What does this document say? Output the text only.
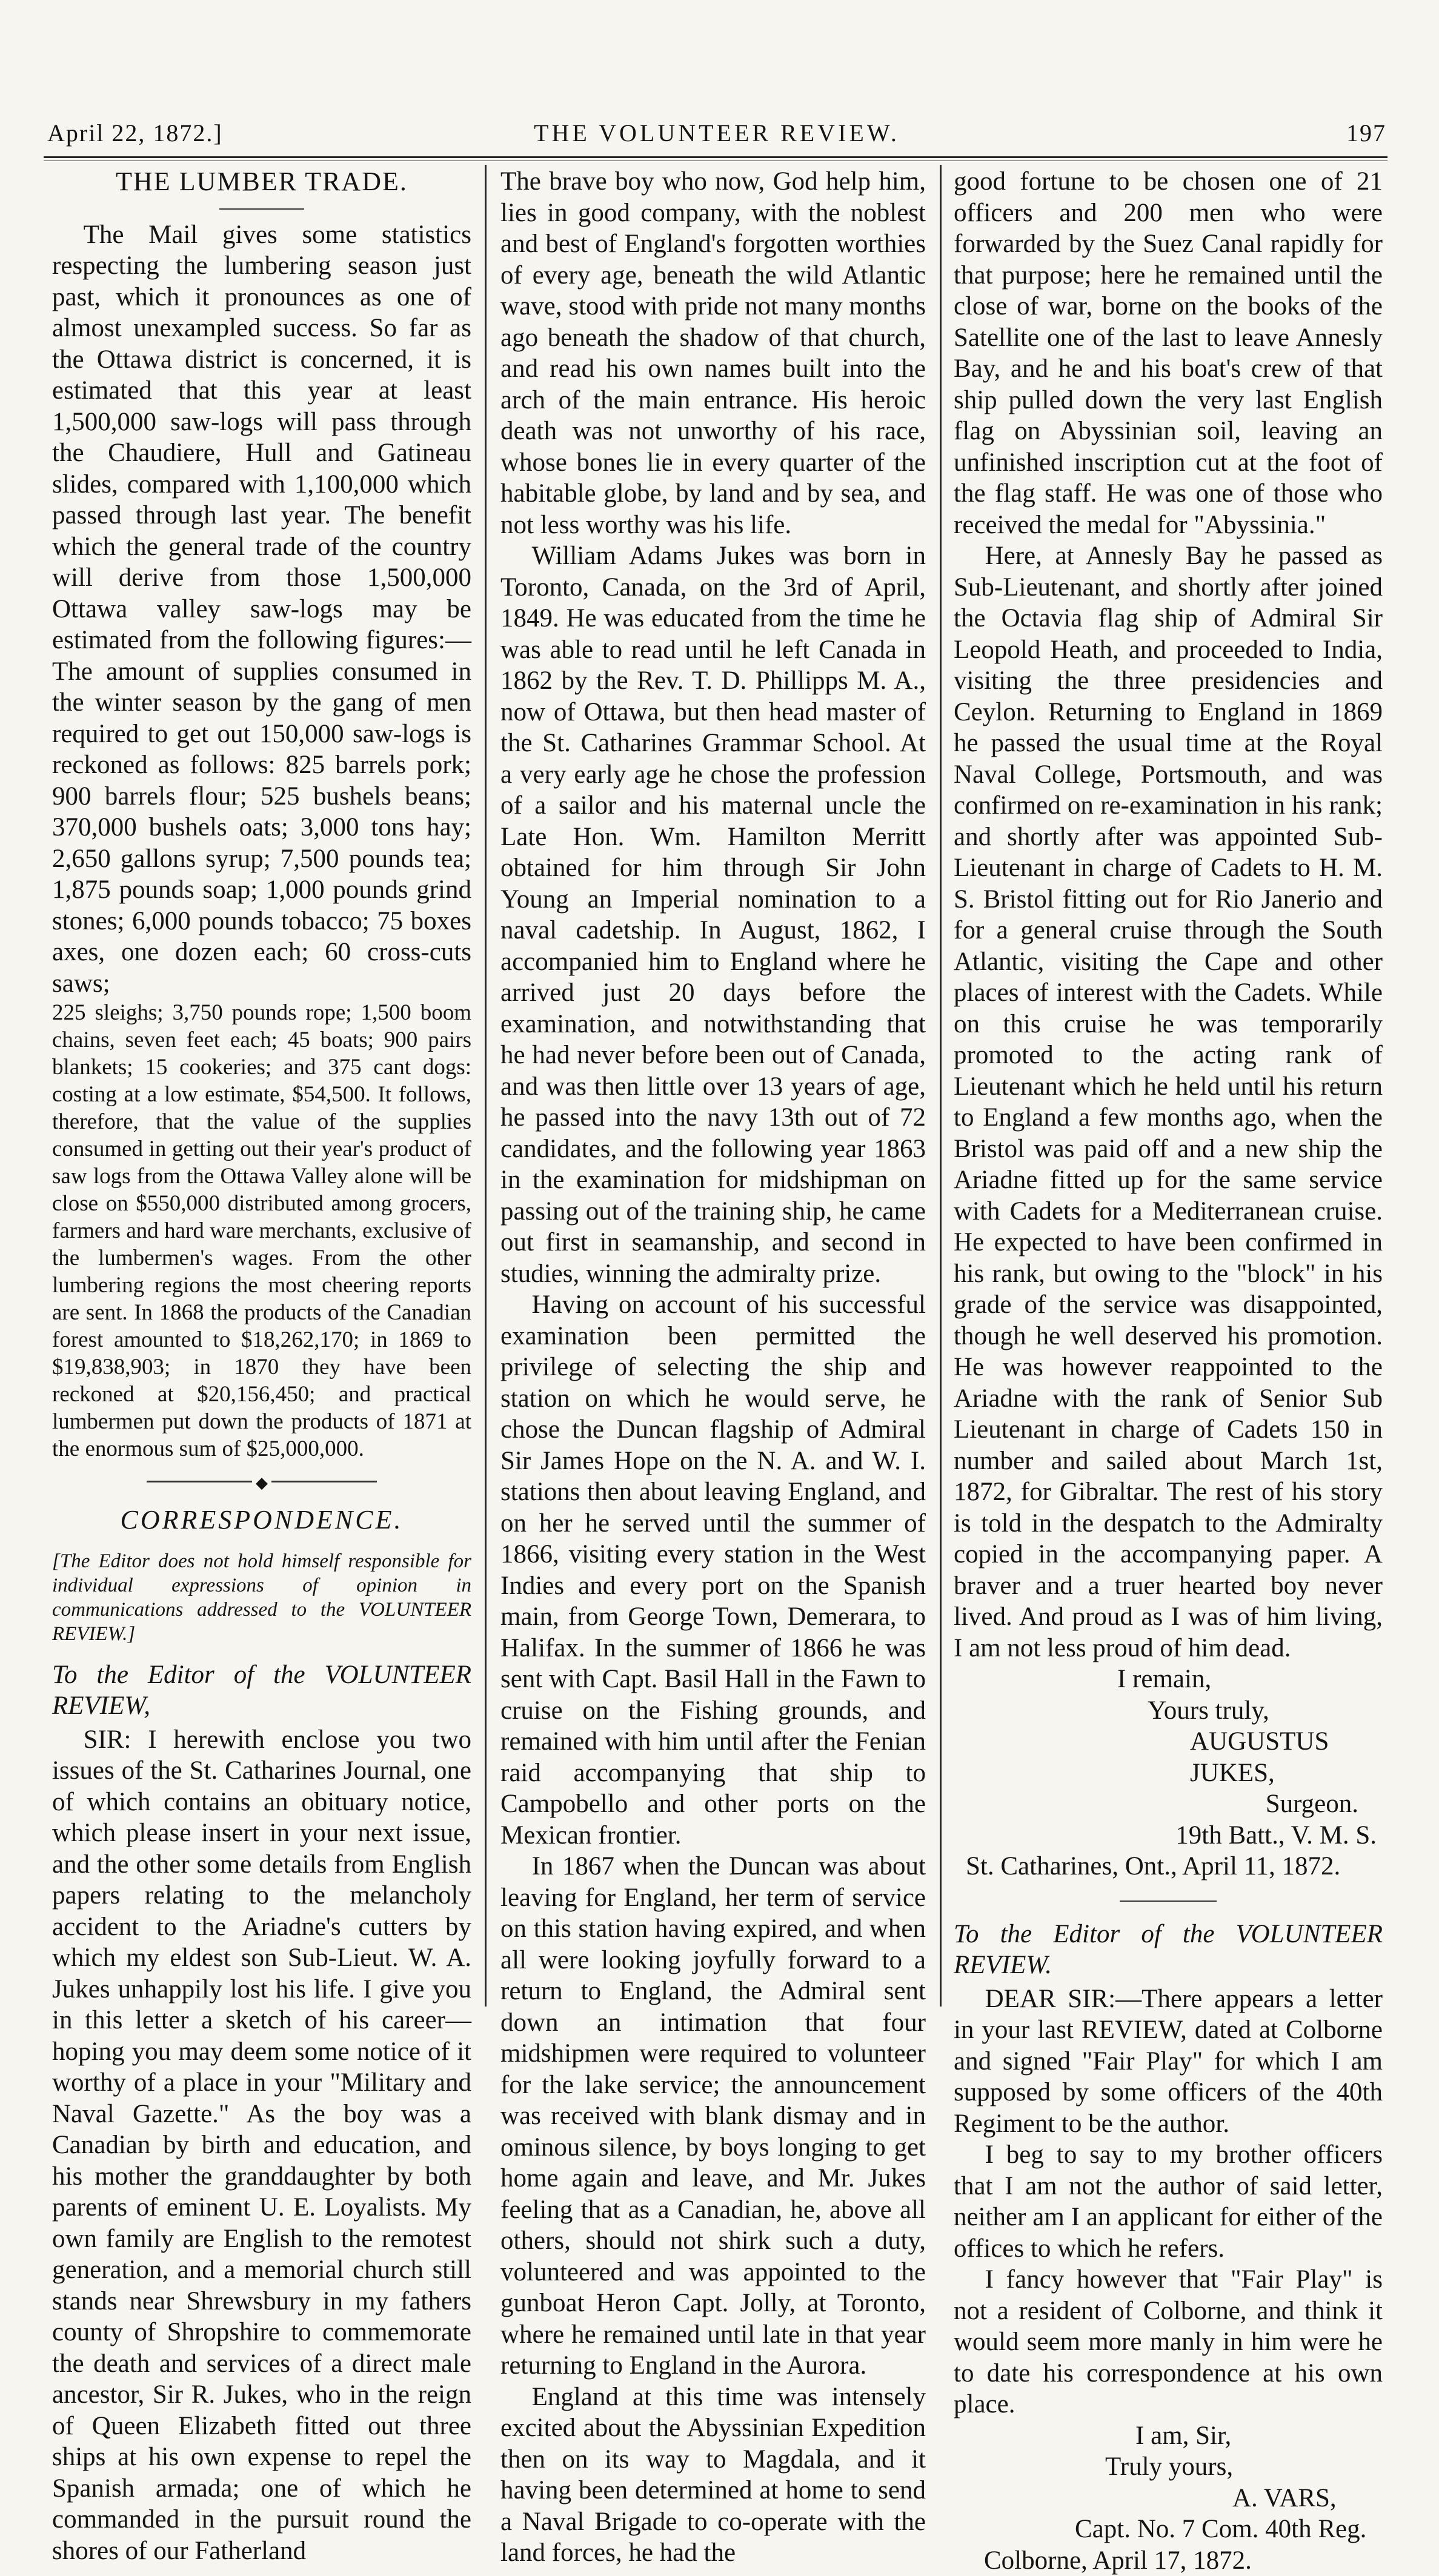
April 22, 1872.]	THE VOLUNTEER REVIEW.	197

THE LUMBER TRADE.

The Mail gives some statistics respecting the lumbering season just past, which it pronounces as one of almost unexampled success. So far as the Ottawa district is concerned, it is estimated that this year at least 1,500,000 saw-logs will pass through the Chaudiere, Hull and Gatineau slides, compared with 1,100,000 which passed through last year. The benefit which the general trade of the country will derive from those 1,500,000 Ottawa valley saw-logs may be estimated from the following figures:—The amount of supplies consumed in the winter season by the gang of men required to get out 150,000 saw-logs is reckoned as follows: 825 barrels pork; 900 barrels flour; 525 bushels beans; 370,000 bushels oats; 3,000 tons hay; 2,650 gallons syrup; 7,500 pounds tea; 1,875 pounds soap; 1,000 pounds grind stones; 6,000 pounds tobacco; 75 boxes axes, one dozen each; 60 cross-cuts saws;

225 sleighs; 3,750 pounds rope; 1,500 boom chains, seven feet each; 45 boats; 900 pairs blankets; 15 cookeries; and 375 cant dogs: costing at a low estimate, $54,500. It follows, therefore, that the value of the supplies consumed in getting out their year's product of saw logs from the Ottawa Valley alone will be close on $550,000 distributed among grocers, farmers and hard ware merchants, exclusive of the lumbermen's wages. From the other lumbering regions the most cheering reports are sent. In 1868 the products of the Canadian forest amounted to $18,262,170; in 1869 to $19,838,903; in 1870 they have been reckoned at $20,156,450; and practical lumbermen put down the products of 1871 at the enormous sum of $25,000,000.

◆

CORRESPONDENCE.

[The Editor does not hold himself responsible for individual expressions of opinion in communications addressed to the VOLUNTEER REVIEW.]

To the Editor of the VOLUNTEER REVIEW,

SIR: I herewith enclose you two issues of the St. Catharines Journal, one of which contains an obituary notice, which please insert in your next issue, and the other some details from English papers relating to the melancholy accident to the Ariadne's cutters by which my eldest son Sub-Lieut. W. A. Jukes unhappily lost his life. I give you in this letter a sketch of his career—hoping you may deem some notice of it worthy of a place in your "Military and Naval Gazette." As the boy was a Canadian by birth and education, and his mother the granddaughter by both parents of eminent U. E. Loyalists. My own family are English to the remotest generation, and a memorial church still stands near Shrewsbury in my fathers county of Shropshire to commemorate the death and services of a direct male ancestor, Sir R. Jukes, who in the reign of Queen Elizabeth fitted out three ships at his own expense to repel the Spanish armada; one of which he commanded in the pursuit round the shores of our Fatherland

The brave boy who now, God help him, lies in good company, with the noblest and best of England's forgotten worthies of every age, beneath the wild Atlantic wave, stood with pride not many months ago beneath the shadow of that church, and read his own names built into the arch of the main entrance. His heroic death was not unworthy of his race, whose bones lie in every quarter of the habitable globe, by land and by sea, and not less worthy was his life.

William Adams Jukes was born in Toronto, Canada, on the 3rd of April, 1849. He was educated from the time he was able to read until he left Canada in 1862 by the Rev. T. D. Phillipps M. A., now of Ottawa, but then head master of the St. Catharines Grammar School. At a very early age he chose the profession of a sailor and his maternal uncle the Late Hon. Wm. Hamilton Merritt obtained for him through Sir John Young an Imperial nomination to a naval cadetship. In August, 1862, I accompanied him to England where he arrived just 20 days before the examination, and notwithstanding that he had never before been out of Canada, and was then little over 13 years of age, he passed into the navy 13th out of 72 candidates, and the following year 1863 in the examination for midshipman on passing out of the training ship, he came out first in seamanship, and second in studies, winning the admiralty prize.

Having on account of his successful examination been permitted the privilege of selecting the ship and station on which he would serve, he chose the Duncan flagship of Admiral Sir James Hope on the N. A. and W. I. stations then about leaving England, and on her he served until the summer of 1866, visiting every station in the West Indies and every port on the Spanish main, from George Town, Demerara, to Halifax. In the summer of 1866 he was sent with Capt. Basil Hall in the Fawn to cruise on the Fishing grounds, and remained with him until after the Fenian raid accompanying that ship to Campobello and other ports on the Mexican frontier.

In 1867 when the Duncan was about leaving for England, her term of service on this station having expired, and when all were looking joyfully forward to a return to England, the Admiral sent down an intimation that four midshipmen were required to volunteer for the lake service; the announcement was received with blank dismay and in ominous silence, by boys longing to get home again and leave, and Mr. Jukes feeling that as a Canadian, he, above all others, should not shirk such a duty, volunteered and was appointed to the gunboat Heron Capt. Jolly, at Toronto, where he remained until late in that year returning to England in the Aurora.

England at this time was intensely excited about the Abyssinian Expedition then on its way to Magdala, and it having been determined at home to send a Naval Brigade to co-operate with the land forces, he had the

good fortune to be chosen one of 21 officers and 200 men who were forwarded by the Suez Canal rapidly for that purpose; here he remained until the close of war, borne on the books of the Satellite one of the last to leave Annesly Bay, and he and his boat's crew of that ship pulled down the very last English flag on Abyssinian soil, leaving an unfinished inscription cut at the foot of the flag staff. He was one of those who received the medal for "Abyssinia."

Here, at Annesly Bay he passed as Sub-Lieutenant, and shortly after joined the Octavia flag ship of Admiral Sir Leopold Heath, and proceeded to India, visiting the three presidencies and Ceylon. Returning to England in 1869 he passed the usual time at the Royal Naval College, Portsmouth, and was confirmed on re-examination in his rank; and shortly after was appointed Sub-Lieutenant in charge of Cadets to H. M. S. Bristol fitting out for Rio Janerio and for a general cruise through the South Atlantic, visiting the Cape and other places of interest with the Cadets. While on this cruise he was temporarily promoted to the acting rank of Lieutenant which he held until his return to England a few months ago, when the Bristol was paid off and a new ship the Ariadne fitted up for the same service with Cadets for a Mediterranean cruise. He expected to have been confirmed in his rank, but owing to the "block" in his grade of the service was disappointed, though he well deserved his promotion. He was however reappointed to the Ariadne with the rank of Senior Sub Lieutenant in charge of Cadets 150 in number and sailed about March 1st, 1872, for Gibraltar. The rest of his story is told in the despatch to the Admiralty copied in the accompanying paper. A braver and a truer hearted boy never lived. And proud as I was of him living, I am not less proud of him dead.

I remain,

Yours truly,

AUGUSTUS JUKES,

Surgeon.

19th Batt., V. M. S.

St. Catharines, Ont., April 11, 1872.

To the Editor of the VOLUNTEER REVIEW.

DEAR SIR:—There appears a letter in your last REVIEW, dated at Colborne and signed "Fair Play" for which I am supposed by some officers of the 40th Regiment to be the author.

I beg to say to my brother officers that I am not the author of said letter, neither am I an applicant for either of the offices to which he refers.

I fancy however that "Fair Play" is not a resident of Colborne, and think it would seem more manly in him were he to date his correspondence at his own place.

I am, Sir,

Truly yours,

A. VARS,

Capt. No. 7 Com. 40th Reg.

Colborne, April 17, 1872.
